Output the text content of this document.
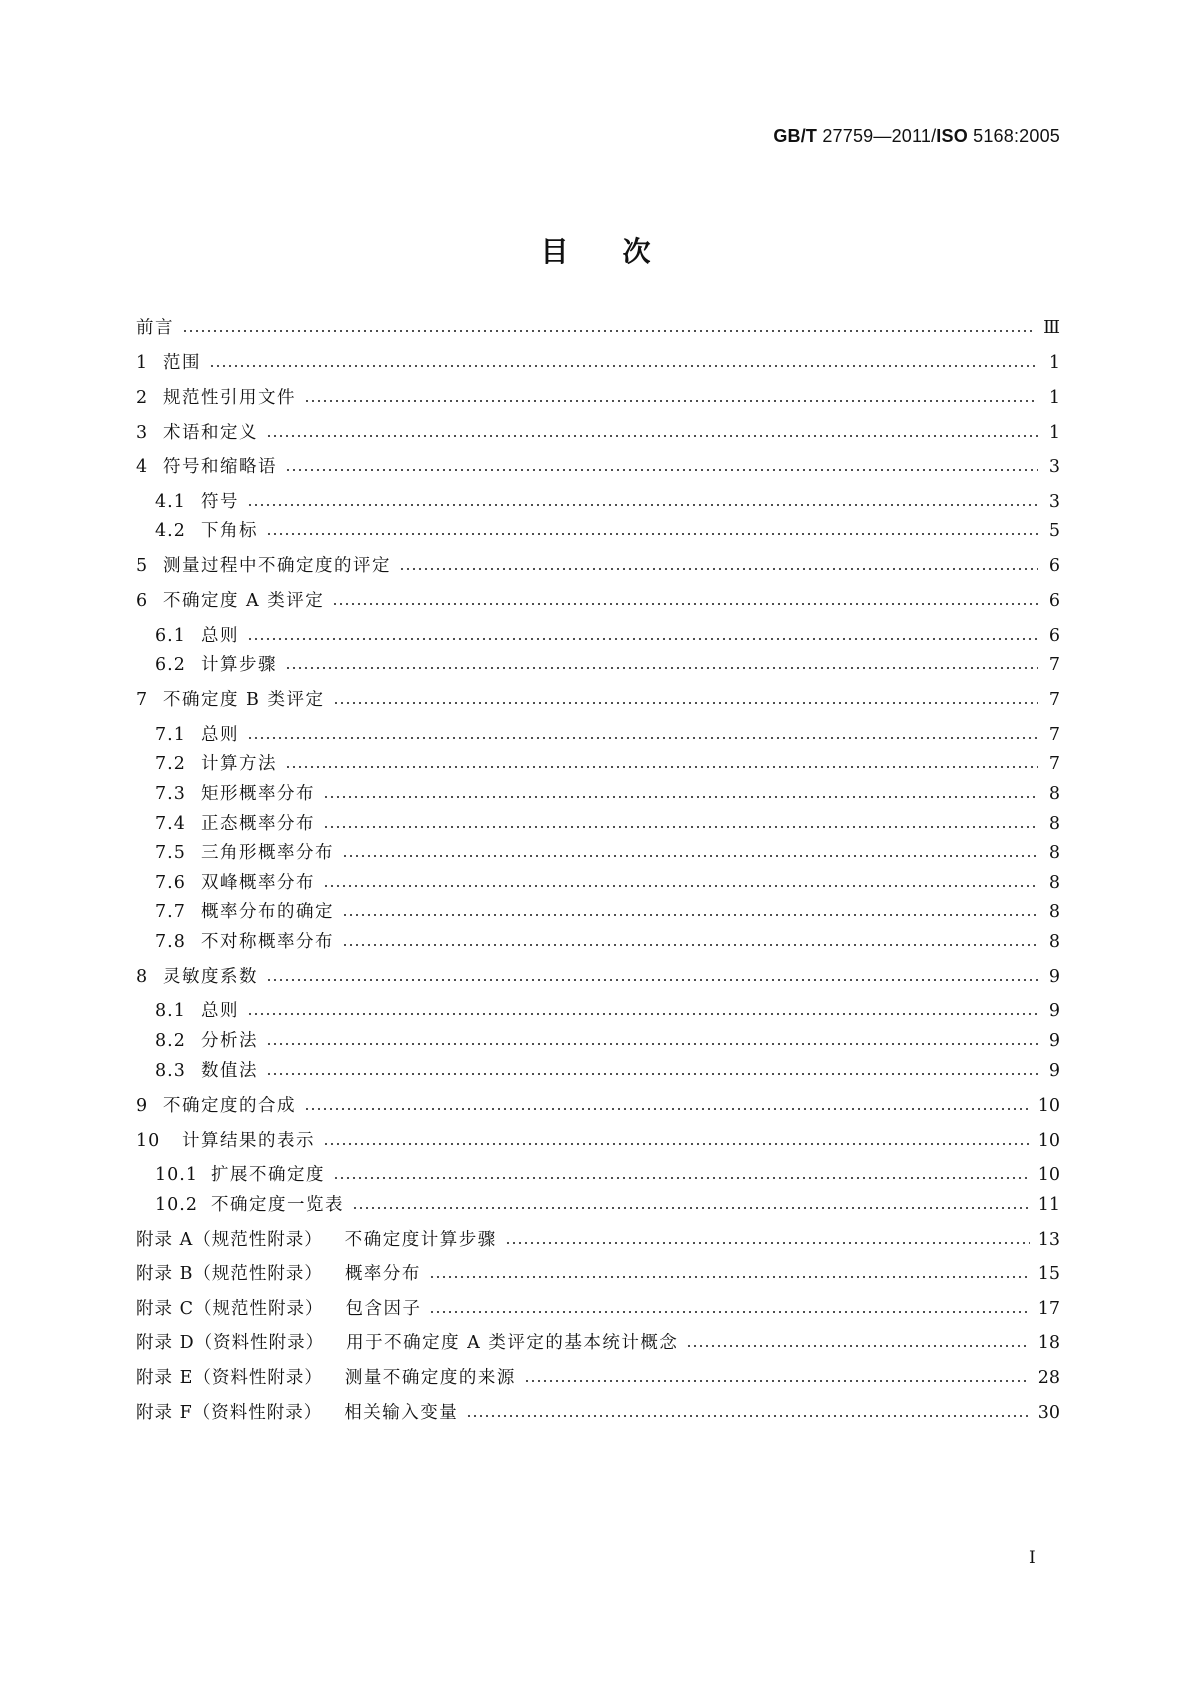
GB/T 27759—2011/ISO 5168:2005
目次
前言	Ⅲ
1 范围	1
2 规范性引用文件	1
3 术语和定义	1
4 符号和缩略语	3
4.1 符号	3
4.2 下角标	5
5 测量过程中不确定度的评定	6
6 不确定度 A 类评定	6
6.1 总则	6
6.2 计算步骤	7
7 不确定度 B 类评定	7
7.1 总则	7
7.2 计算方法	7
7.3 矩形概率分布	8
7.4 正态概率分布	8
7.5 三角形概率分布	8
7.6 双峰概率分布	8
7.7 概率分布的确定	8
7.8 不对称概率分布	8
8 灵敏度系数	9
8.1 总则	9
8.2 分析法	9
8.3 数值法	9
9 不确定度的合成	10
10	计算结果的表示	10
10.1 扩展不确定度	10
10.2 不确定度一览表	11
附录 A（规范性附录） 不确定度计算步骤	13
附录 B（规范性附录） 概率分布	15
附录 C（规范性附录） 包含因子	17
附录 D（资料性附录） 用于不确定度 A 类评定的基本统计概念	18
附录 E（资料性附录） 测量不确定度的来源	28
附录 F（资料性附录） 相关输入变量	30
I
